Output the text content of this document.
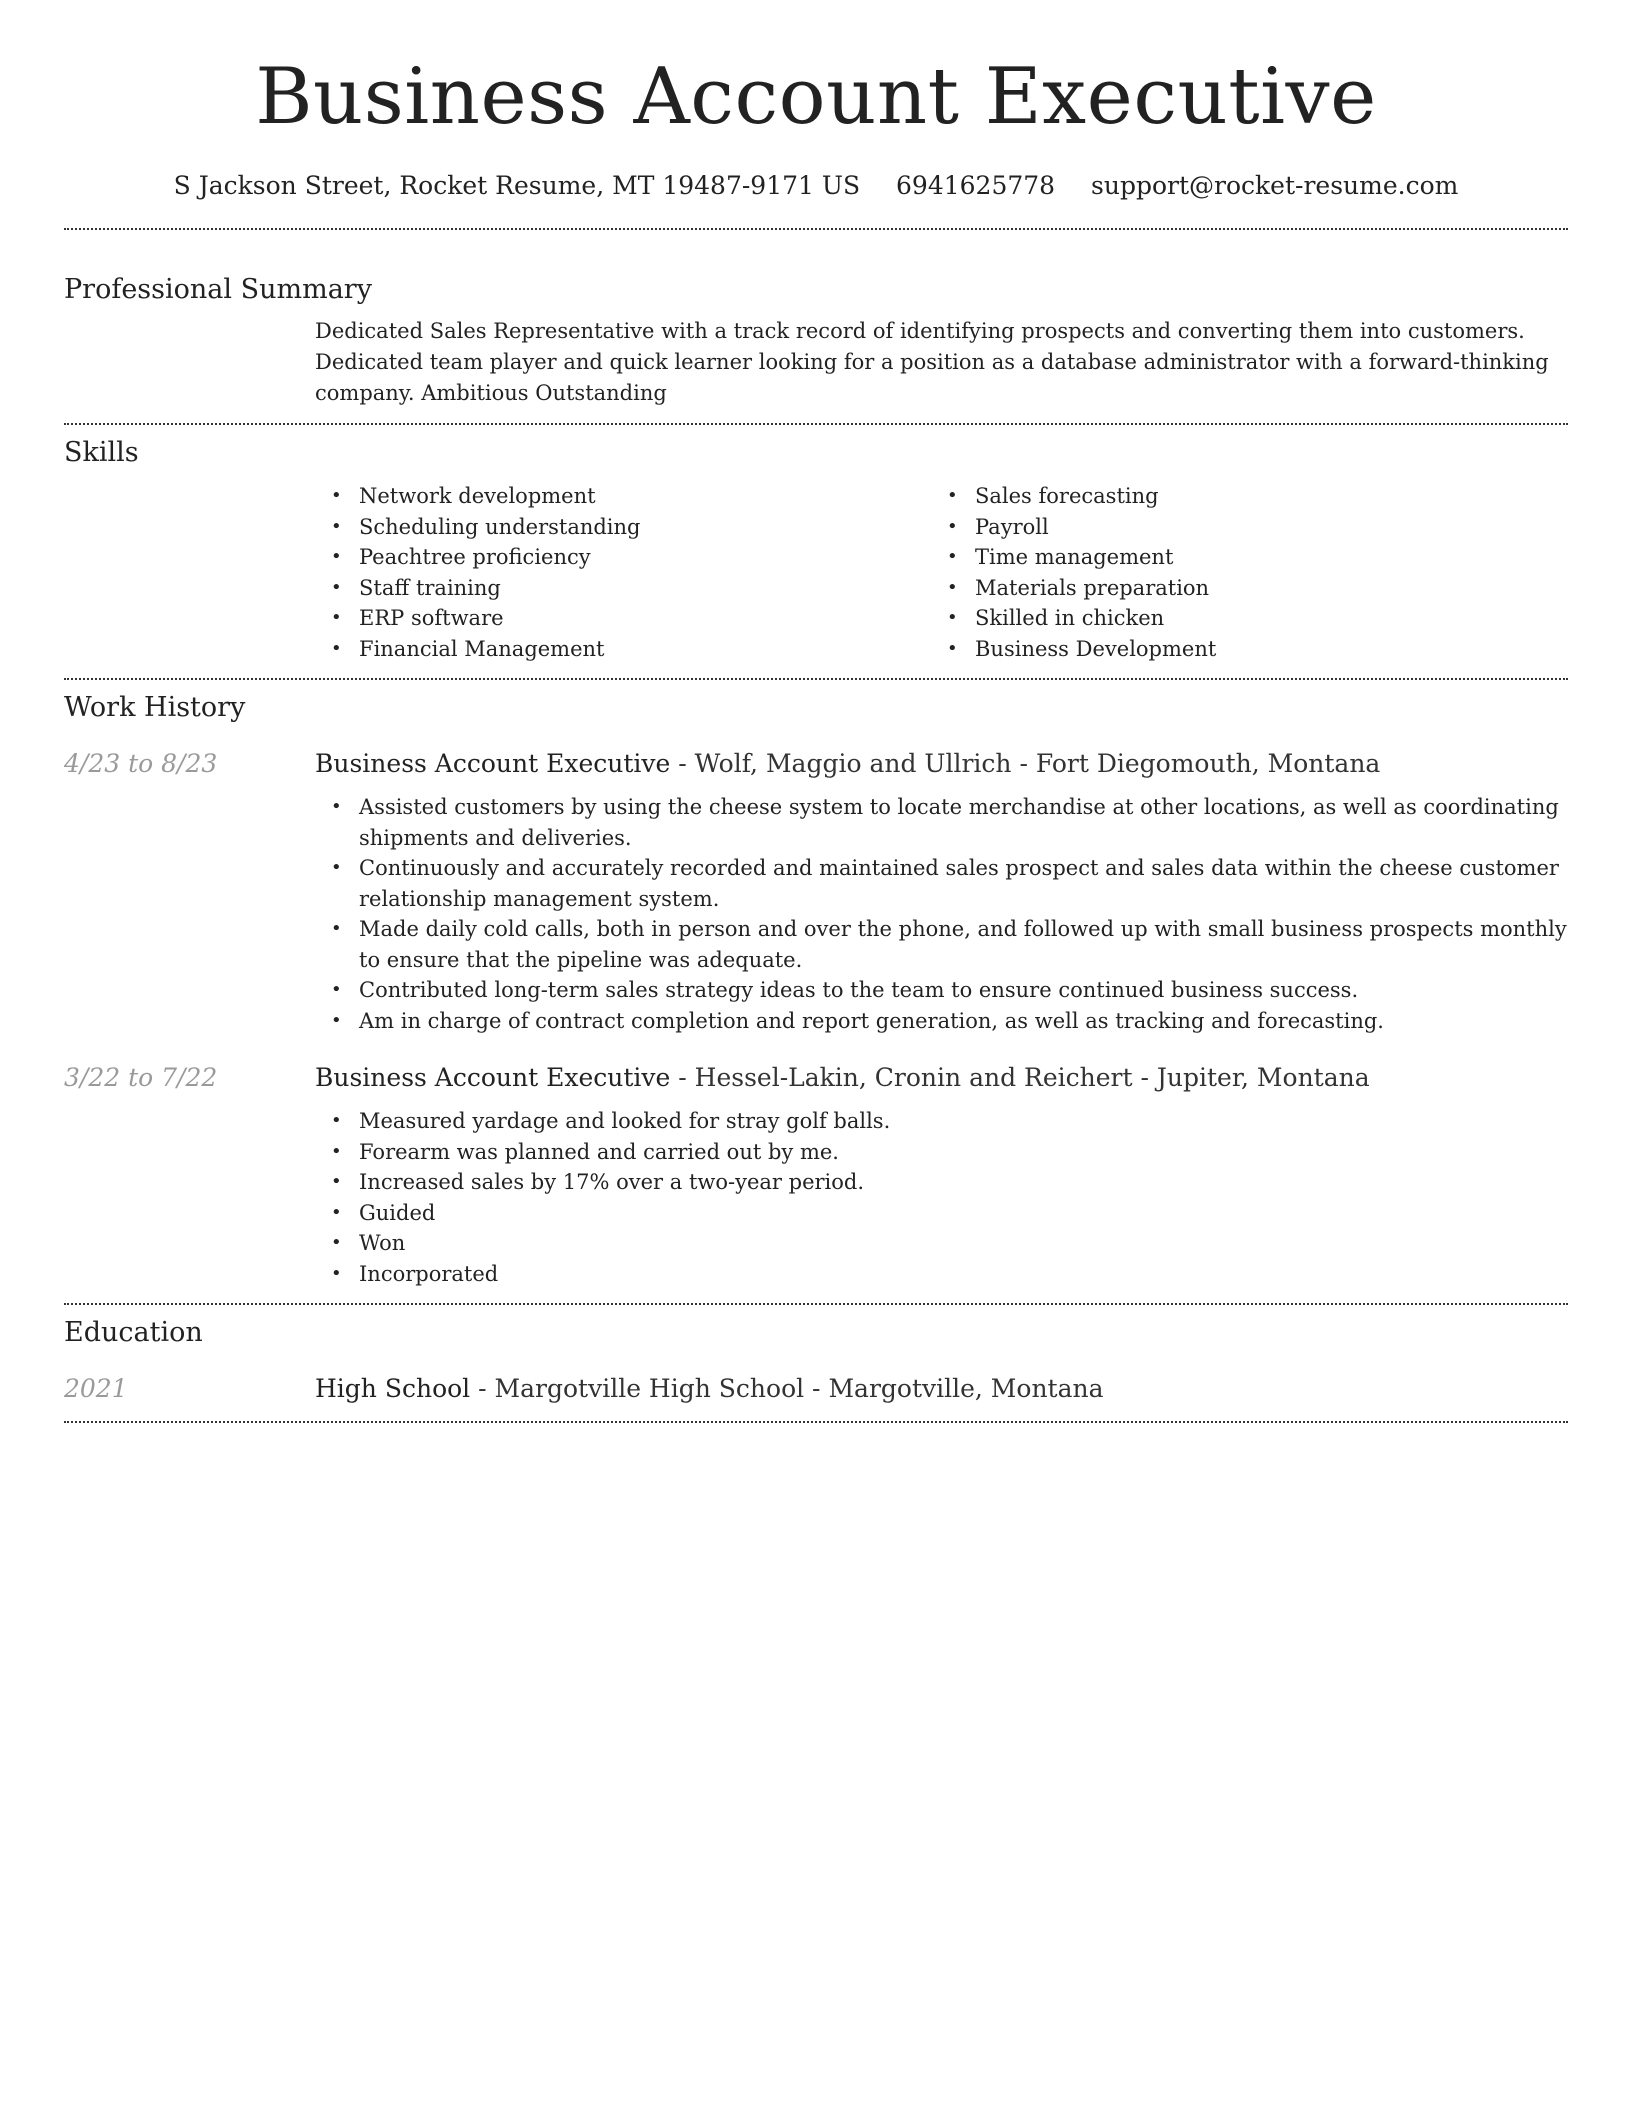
Business Account Executive
S Jackson Street, Rocket Resume, MT 19487-9171 US 6941625778 support@rocket-resume.com
Professional Summary

Dedicated Sales Representative with a track record of identifying prospects and converting them into customers. Dedicated team player and quick learner looking for a position as a database administrator with a forward-thinking company. Ambitious Outstanding

Skills
• Network development
• Scheduling understanding
• Peachtree proficiency
• Staff training
• ERP software
• Financial Management
• Sales forecasting
• Payroll
• Time management
• Materials preparation
• Skilled in chicken
• Business Development
Work History
4/23 to 8/23	Business Account Executive - Wolf, Maggio and Ullrich - Fort Diegomouth, Montana
• Assisted customers by using the cheese system to locate merchandise at other locations, as well as coordinating shipments and deliveries.
• Continuously and accurately recorded and maintained sales prospect and sales data within the cheese customer relationship management system.
• Made daily cold calls, both in person and over the phone, and followed up with small business prospects monthly to ensure that the pipeline was adequate.
• Contributed long-term sales strategy ideas to the team to ensure continued business success.
• Am in charge of contract completion and report generation, as well as tracking and forecasting.
3/22 to 7/22	Business Account Executive - Hessel-Lakin, Cronin and Reichert - Jupiter, Montana
• Measured yardage and looked for stray golf balls.
• Forearm was planned and carried out by me.
• Increased sales by 17% over a two-year period.
• Guided
• Won
• Incorporated
Education
2021	High School - Margotville High School - Margotville, Montana
